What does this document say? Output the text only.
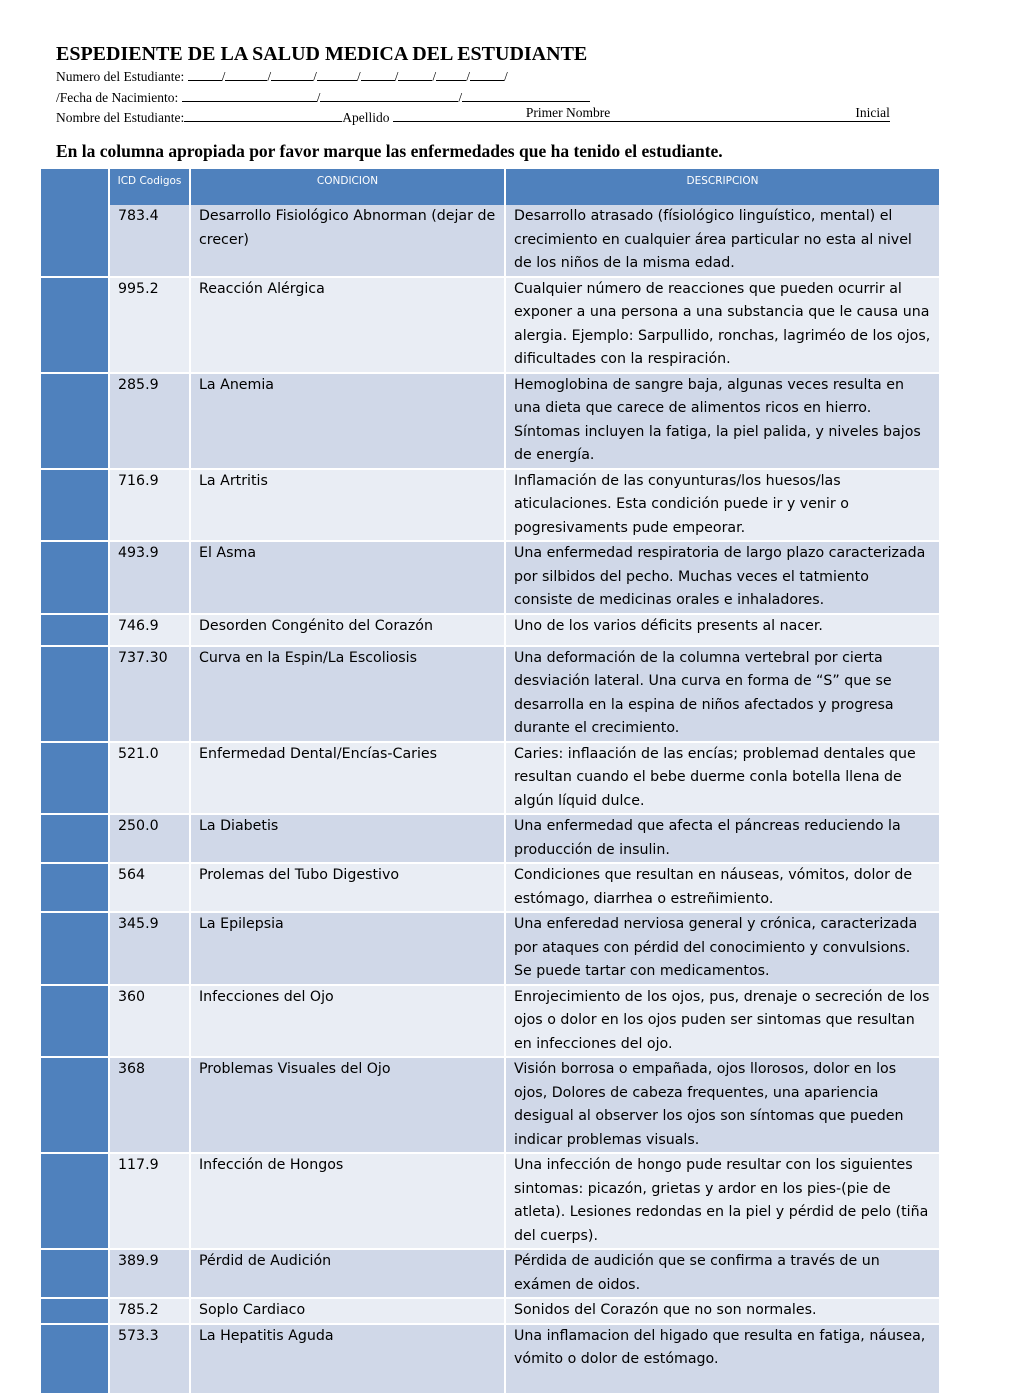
ESPEDIENTE DE LA SALUD MEDICA DEL ESTUDIANTE
Numero del Estudiante:	/	/	/	/	/	/ /	/
/Fecha de Nacimiento:	/	/
Nombre del Estudiante:	Apellido	Primer Nombre	Inicial
En la columna apropiada por favor marque las enfermedades que ha tenido el estudiante.
	ICD Codigos	CONDICION	DESCRIPCION
	783.4	Desarrollo Fisiológico Abnorman (dejar de crecer)	Desarrollo atrasado (físiológico linguístico, mental) el crecimiento en cualquier área particular no esta al nivel de los niños de la misma edad.
	995.2	Reacción Alérgica	Cualquier número de reacciones que pueden ocurrir al exponer a una persona a una substancia que le causa una alergia. Ejemplo: Sarpullido, ronchas, lagriméo de los ojos, dificultades con la respiración.
	285.9	La Anemia	Hemoglobina de sangre baja, algunas veces resulta en una dieta que carece de alimentos ricos en hierro. Síntomas incluyen la fatiga, la piel palida, y niveles bajos de energía.
	716.9	La Artritis	Inflamación de las conyunturas/los huesos/las aticulaciones. Esta condición puede ir y venir o pogresivaments pude empeorar.
	493.9	El Asma	Una enfermedad respiratoria de largo plazo caracterizada por silbidos del pecho. Muchas veces el tatmiento consiste de medicinas orales e inhaladores.
	746.9	Desorden Congénito del Corazón	Uno de los varios déficits presents al nacer.
	737.30	Curva en la Espin/La Escoliosis	Una deformación de la columna vertebral por cierta desviación lateral. Una curva en forma de “S” que se desarrolla en la espina de niños afectados y progresa durante el crecimiento.
	521.0	Enfermedad Dental/Encías-Caries	Caries: inflaación de las encías; problemad dentales que resultan cuando el bebe duerme conla botella llena de algún líquid dulce.
	250.0	La Diabetis	Una enfermedad que afecta el páncreas reduciendo la producción de insulin.
	564	Prolemas del Tubo Digestivo	Condiciones que resultan en náuseas, vómitos, dolor de estómago, diarrhea o estreñimiento.
	345.9	La Epilepsia	Una enferedad nerviosa general y crónica, caracterizada por ataques con pérdid del conocimiento y convulsions. Se puede tartar con medicamentos.
	360	Infecciones del Ojo	Enrojecimiento de los ojos, pus, drenaje o secreción de los ojos o dolor en los ojos puden ser sintomas que resultan en infecciones del ojo.
	368	Problemas Visuales del Ojo	Visión borrosa o empañada, ojos llorosos, dolor en los ojos, Dolores de cabeza frequentes, una apariencia desigual al observer los ojos son síntomas que pueden indicar problemas visuals.
	117.9	Infección de Hongos	Una infección de hongo pude resultar con los siguientes sintomas: picazón, grietas y ardor en los pies-(pie de atleta). Lesiones redondas en la piel y pérdid de pelo (tiña del cuerps).
	389.9	Pérdid de Audición	Pérdida de audición que se confirma a través de un exámen de oidos.
	785.2	Soplo Cardiaco	Sonidos del Corazón que no son normales.
	573.3	La Hepatitis Aguda	Una inflamacion del higado que resulta en fatiga, náusea, vómito o dolor de estómago.
